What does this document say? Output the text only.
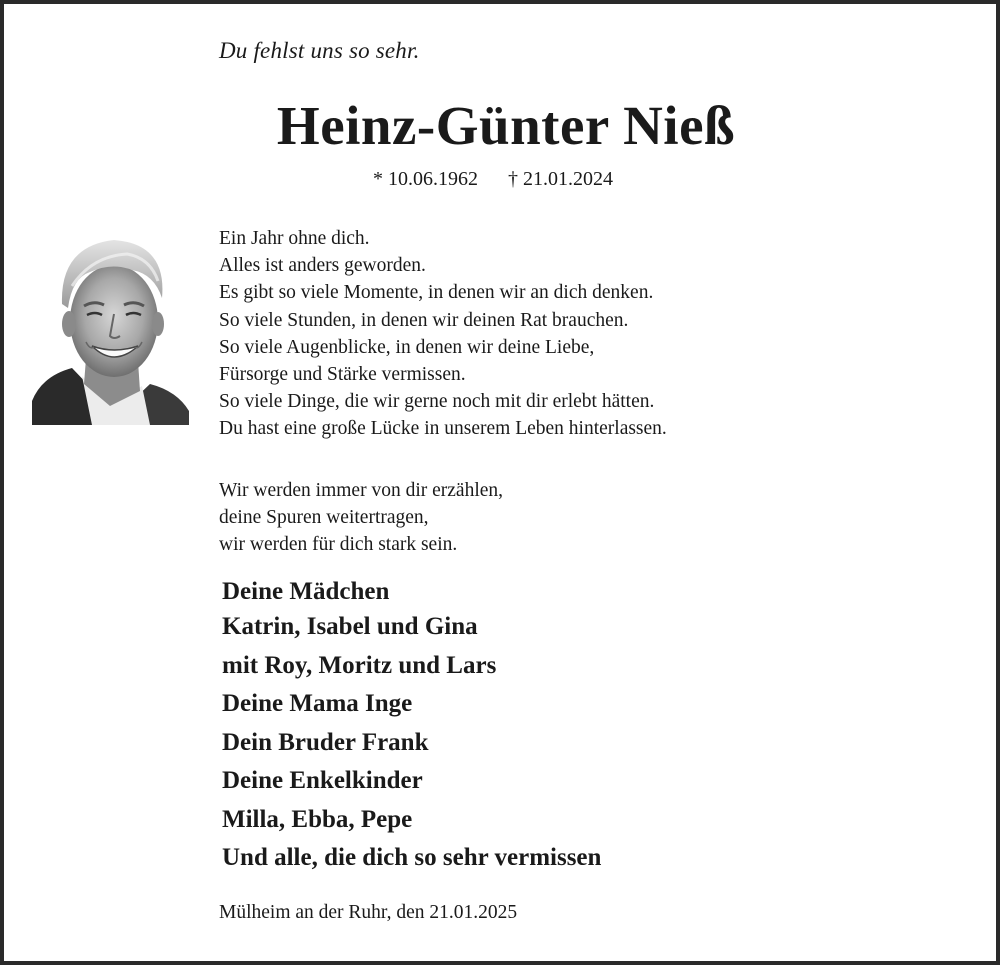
Du fehlst uns so sehr.
Heinz-Günter Nieß
* 10.06.1962 † 21.01.2024
Ein Jahr ohne dich.
Alles ist anders geworden.
Es gibt so viele Momente, in denen wir an dich denken.
So viele Stunden, in denen wir deinen Rat brauchen.
So viele Augenblicke, in denen wir deine Liebe,
Fürsorge und Stärke vermissen.
So viele Dinge, die wir gerne noch mit dir erlebt hätten.
Du hast eine große Lücke in unserem Leben hinterlassen.
Wir werden immer von dir erzählen,
deine Spuren weitertragen,
wir werden für dich stark sein.
Deine Mädchen
Katrin, Isabel und Gina
mit Roy, Moritz und Lars
Deine Mama Inge
Dein Bruder Frank
Deine Enkelkinder
Milla, Ebba, Pepe
Und alle, die dich so sehr vermissen
Mülheim an der Ruhr, den 21.01.2025
